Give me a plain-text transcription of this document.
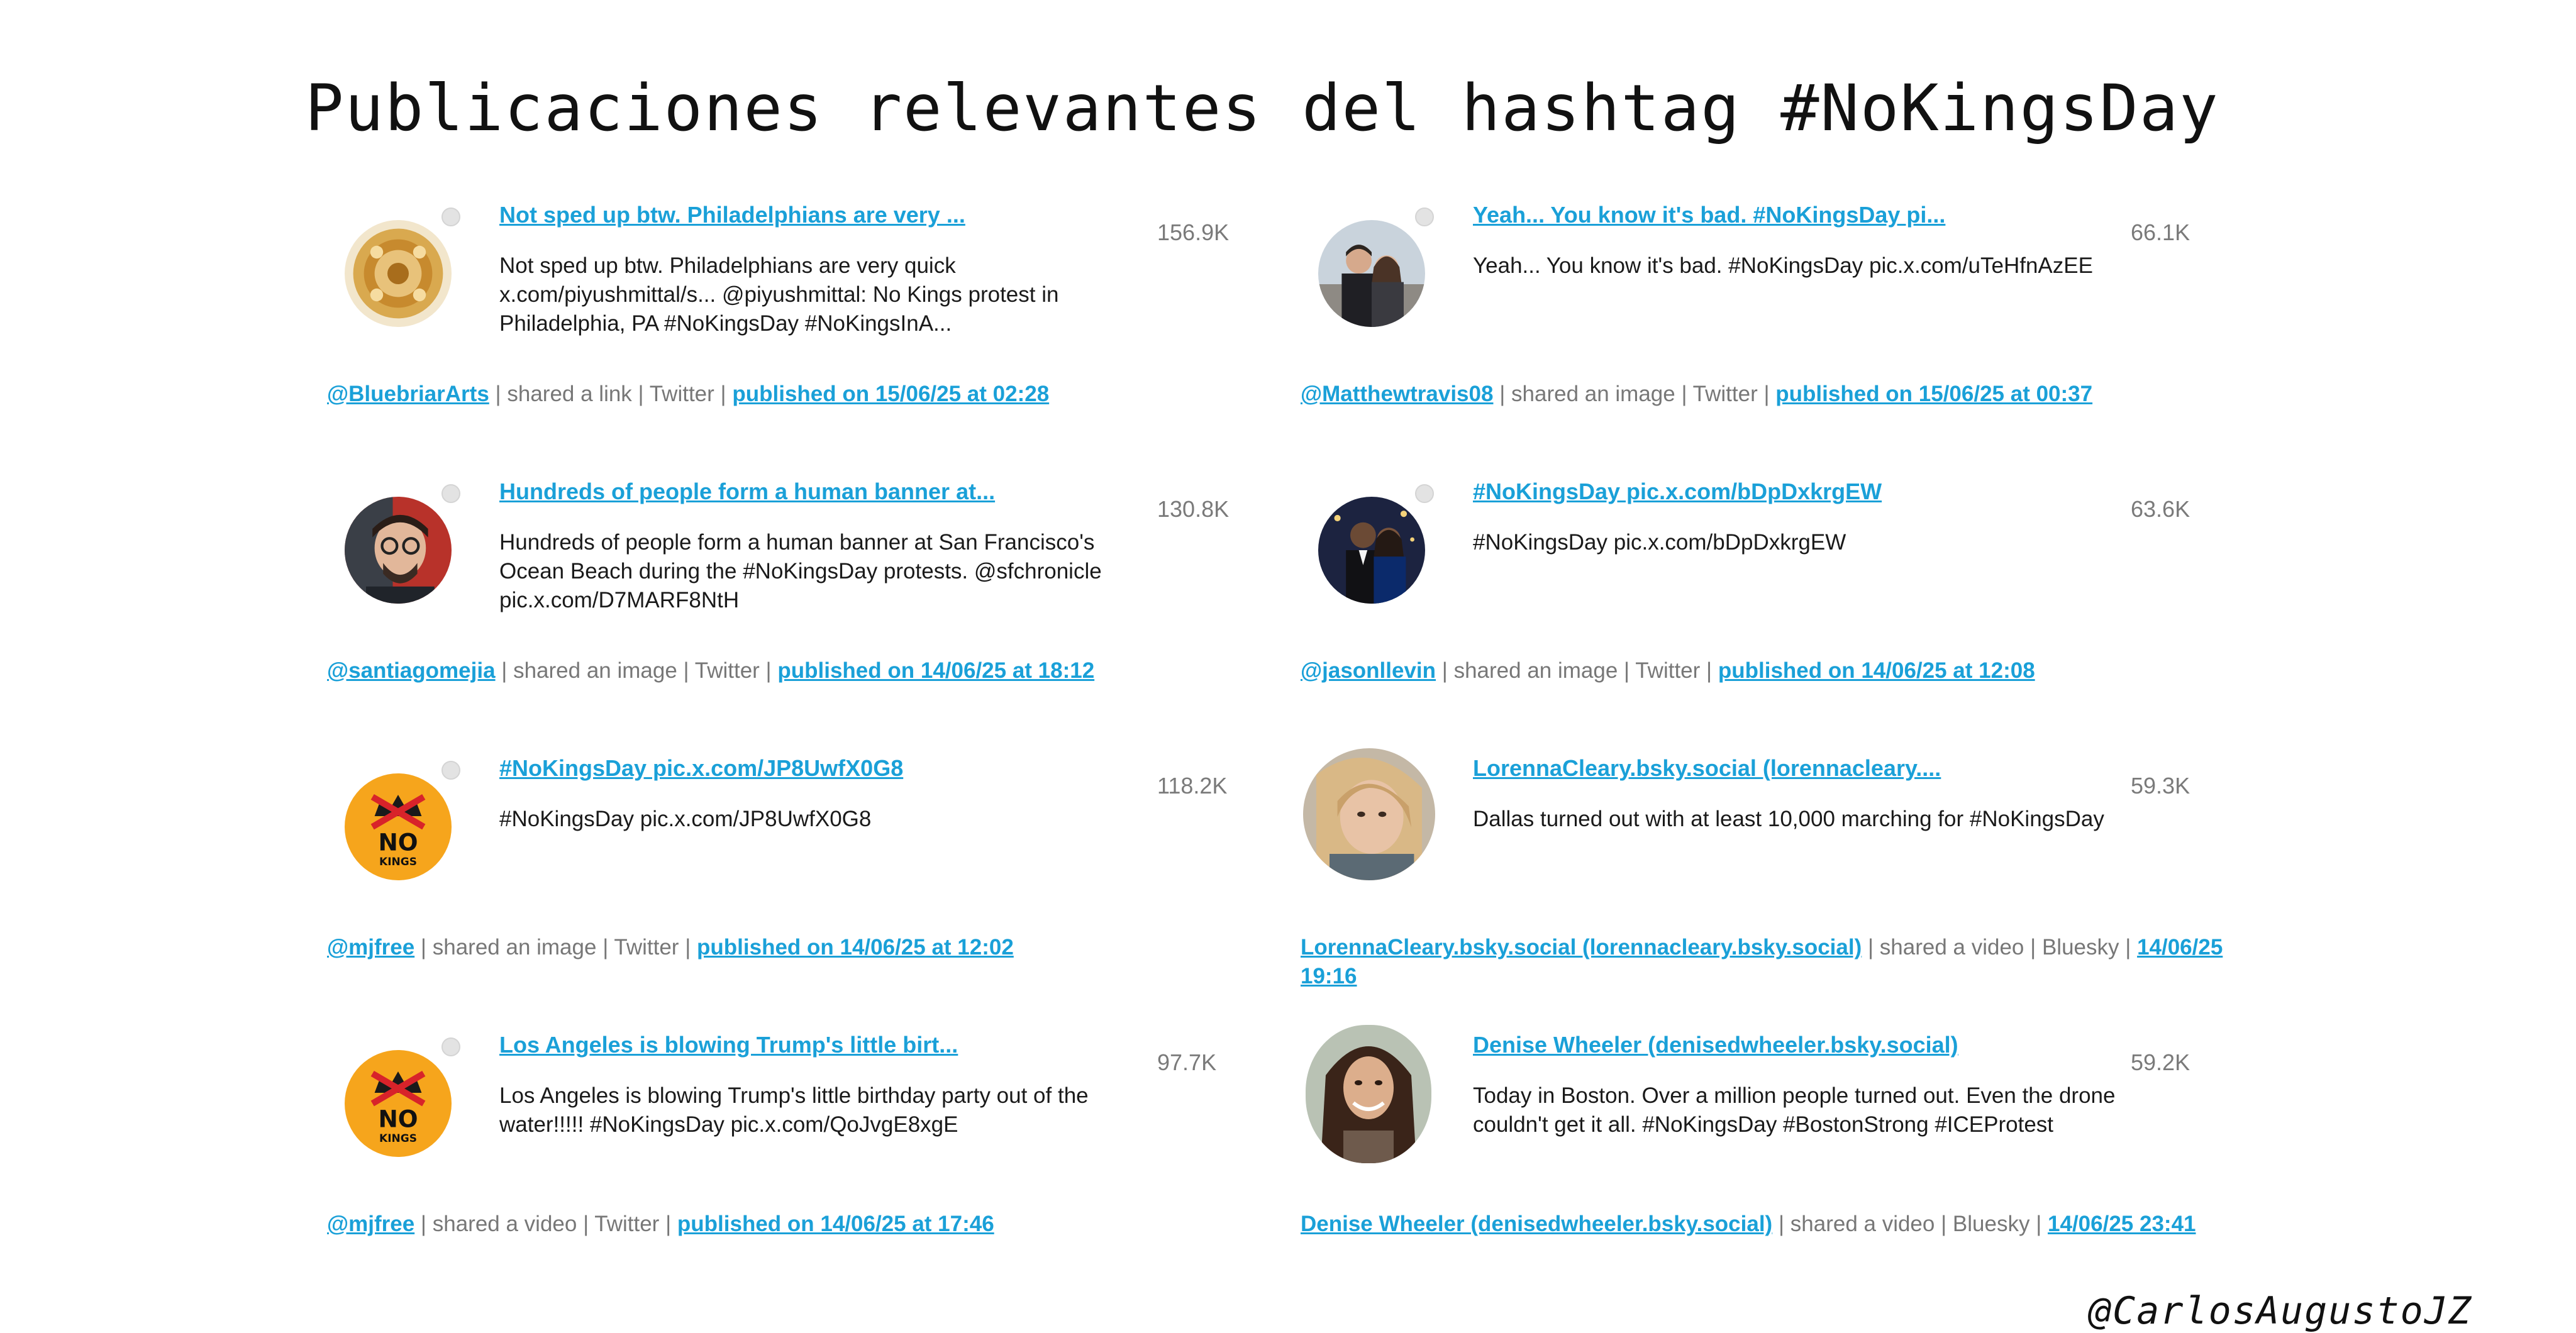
Publicaciones relevantes del hashtag #NoKingsDay
Not sped up btw. Philadelphians are very ...
156.9K
Not sped up btw. Philadelphians are very quick x.com/piyushmittal/s... @piyushmittal: No Kings protest in Philadelphia, PA #NoKingsDay #NoKingsInA...
@BluebriarArts | shared a link | Twitter | published on 15/06/25 at 02:28
Hundreds of people form a human banner at...
130.8K
Hundreds of people form a human banner at San Francisco's Ocean Beach during the #NoKingsDay protests. @sfchronicle pic.x.com/D7MARF8NtH
@santiagomejia | shared an image | Twitter | published on 14/06/25 at 18:12
NO
KINGS
#NoKingsDay pic.x.com/JP8UwfX0G8
118.2K
#NoKingsDay pic.x.com/JP8UwfX0G8
@mjfree | shared an image | Twitter | published on 14/06/25 at 12:02
NO
KINGS
Los Angeles is blowing Trump's little birt...
97.7K
Los Angeles is blowing Trump's little birthday party out of the water!!!!! #NoKingsDay pic.x.com/QoJvgE8xgE
@mjfree | shared a video | Twitter | published on 14/06/25 at 17:46
Yeah... You know it's bad. #NoKingsDay pi...
66.1K
Yeah... You know it's bad. #NoKingsDay pic.x.com/uTeHfnAzEE
@Matthewtravis08 | shared an image | Twitter | published on 15/06/25 at 00:37
#NoKingsDay pic.x.com/bDpDxkrgEW
63.6K
#NoKingsDay pic.x.com/bDpDxkrgEW
@jasonllevin | shared an image | Twitter | published on 14/06/25 at 12:08
LorennaCleary.bsky.social (lorennacleary....
59.3K
Dallas turned out with at least 10,000 marching for #NoKingsDay
LorennaCleary.bsky.social (lorennacleary.bsky.social) | shared a video | Bluesky | 14/06/25 19:16
Denise Wheeler (denisedwheeler.bsky.social)
59.2K
Today in Boston. Over a million people turned out. Even the drone couldn't get it all. #NoKingsDay #BostonStrong #ICEProtest
Denise Wheeler (denisedwheeler.bsky.social) | shared a video | Bluesky | 14/06/25 23:41
@CarlosAugustoJZ
